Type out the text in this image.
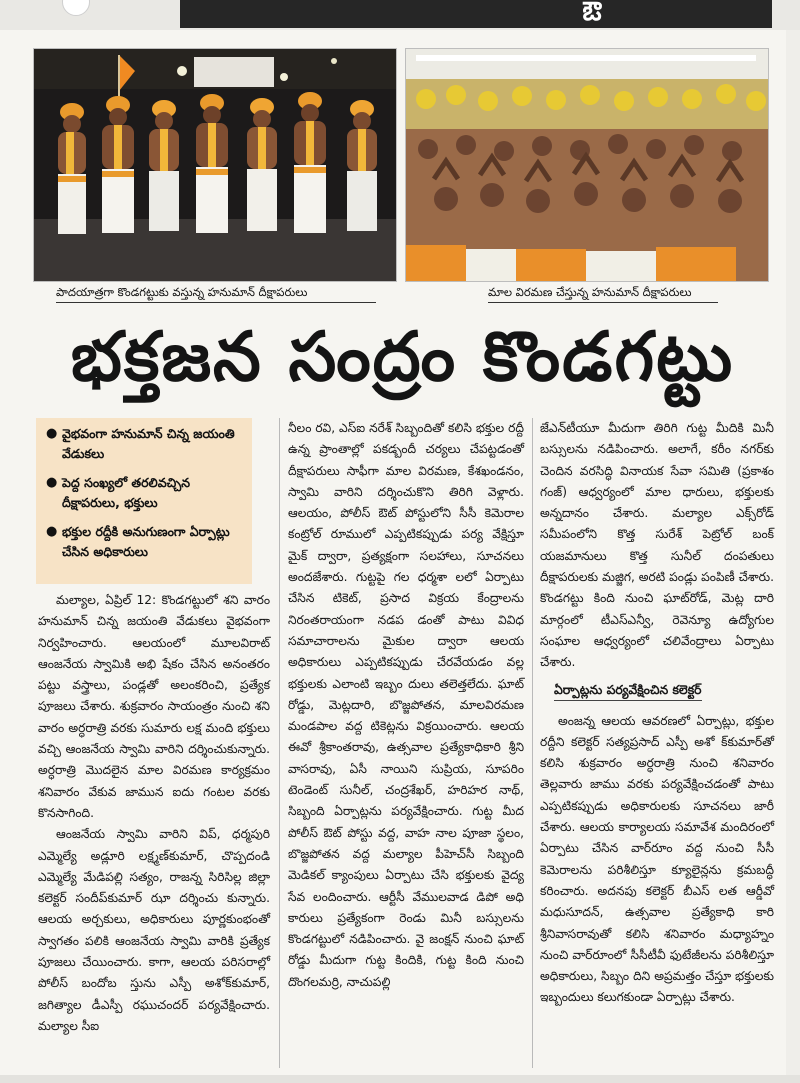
ఔ
పాదయాత్రగా కొండగట్టుకు వస్తున్న హనుమాన్ దీక్షాపరులు	మాల విరమణ చేస్తున్న హనుమాన్ దీక్షాపరులు
భక్తజన సంద్రం కొండగట్టు
● వైభవంగా హనుమాన్ చిన్న జయంతి వేడుకలు
● పెద్ద సంఖ్యలో తరలివచ్చిన దీక్షాపరులు, భక్తులు
● భక్తుల రద్దీకి అనుగుణంగా ఏర్పాట్లు చేసిన అధికారులు

మల్యాల, ఏప్రిల్ 12: కొండగట్టులో శని వారం హనుమాన్ చిన్న జయంతి వేడుకలు వైభవంగా నిర్వహించారు. ఆలయంలో మూలవిరాట్ ఆంజనేయ స్వామికి అభి షేకం చేసిన అనంతరం పట్టు వస్త్రాలు, పండ్లతో అలంకరించి, ప్రత్యేక పూజలు చేశారు. శుక్రవారం సాయంత్రం నుంచి శని వారం అర్ధరాత్రి వరకు సుమారు లక్ష మంది భక్తులు వచ్చి ఆంజనేయ స్వామి వారిని దర్శించుకున్నారు. అర్ధరాత్రి మొదలైన మాల విరమణ కార్యక్రమం శనివారం వేకువ జామున ఐదు గంటల వరకు కొనసాగింది.

ఆంజనేయ స్వామి వారిని విప్, ధర్మపురి ఎమ్మెల్యే అడ్లూరి లక్ష్మణ్‌కుమార్, చొప్పదండి ఎమ్మెల్యే మేడిపల్లి సత్యం, రాజన్న సిరిసిల్ల జిల్లా కలెక్టర్ సందీప్‌కుమార్ ఝా దర్శించు కున్నారు. ఆలయ అర్చకులు, అధికారులు పూర్ణకుంభంతో స్వాగతం పలికి ఆంజనేయ స్వామి వారికి ప్రత్యేక పూజలు చేయించారు. కాగా, ఆలయ పరిసరాల్లో పోలీస్ బందోబ స్తును ఎస్పీ అశోక్‌కుమార్, జగిత్యాల డీఎస్పీ రఘుచందర్ పర్యవేక్షించారు. మల్యాల సీఐ

నీలం రవి, ఎస్ఐ నరేశ్ సిబ్బందితో కలిసి భక్తుల రద్దీ ఉన్న ప్రాంతాల్లో పకడ్బందీ చర్యలు చేపట్టడంతో దీక్షాపరులు సాఫీగా మాల విరమణ, కేశఖండనం, స్వామి వారిని దర్శించుకొని తిరిగి వెళ్లారు. ఆలయం, పోలీస్ ఔట్ పోస్టులోని సీసీ కెమెరాల కంట్రోల్ రూములో ఎప్పటికప్పుడు పర్య వేక్షిస్తూ మైక్ ద్వారా, ప్రత్యక్షంగా సలహాలు, సూచనలు అందజేశారు. గుట్టపై గల ధర్మశా లలో ఏర్పాటు చేసిన టికెట్, ప్రసాద విక్రయ కేంద్రాలను నిరంతరాయంగా నడప డంతో పాటు వివిధ సమాచారాలను మైకుల ద్వారా ఆలయ అధికారులు ఎప్పటికప్పుడు చేరవేయడం వల్ల భక్తులకు ఎలాంటి ఇబ్బం దులు తలెత్తలేదు. ఘాట్ రోడ్డు, మెట్లదారి, బొజ్జపోతన, మాలవిరమణ మండపాల వద్ద టికెట్లను విక్రయించారు. ఆలయ ఈవో శ్రీకాంతరావు, ఉత్సవాల ప్రత్యేకాధికారి శ్రీని వాసరావు, ఏసీ నాయిని సుప్రియ, సూపరిం టెండెంట్ సునీల్, చంద్రశేఖర్, హరిహర నాథ్, సిబ్బంది ఏర్పాట్లను పర్యవేక్షించారు. గుట్ట మీద పోలీస్ ఔట్ పోస్టు వద్ద, వాహ నాల పూజా స్థలం, బొజ్జపోతన వద్ద మల్యాల పీహెచ్‌సీ సిబ్బంది మెడికల్ క్యాంపులు ఏర్పాటు చేసి భక్తులకు వైద్య సేవ లందించారు. ఆర్టీసీ వేములవాడ డిపో అధి కారులు ప్రత్యేకంగా రెండు మినీ బస్సులను కొండగట్టులో నడిపించారు. వై జంక్షన్ నుంచి ఘాట్ రోడ్డు మీదుగా గుట్ట కిందికి, గుట్ట కింది నుంచి దొంగలమర్రి, నాచుపల్లి

జేఎన్‌టీయూ మీదుగా తిరిగి గుట్ట మీదికి మినీ బస్సులను నడిపించారు. అలాగే, కరీం నగర్‌కు చెందిన వరసిద్ధి వినాయక సేవా సమితి (ప్రకాశం గంజ్) ఆధ్వర్యంలో మాల ధారులు, భక్తులకు అన్నదానం చేశారు. మల్యాల ఎక్స్‌రోడ్ సమీపంలోని కొత్త సురేశ్ పెట్రోల్ బంక్ యజమానులు కొత్త సునీల్ దంపతులు దీక్షాపరులకు మజ్జిగ, అరటి పండ్లు పంపిణీ చేశారు. కొండగట్టు కింది నుంచి ఘాట్‌రోడ్, మెట్ల దారి మార్గంలో టీఎస్ఎన్వీ, రెవెన్యూ ఉద్యోగుల సంఘాల ఆధ్వర్యంలో చలివేంద్రాలు ఏర్పాటు చేశారు.

ఏర్పాట్లను పర్యవేక్షించిన కలెక్టర్

అంజన్న ఆలయ ఆవరణలో ఏర్పాట్లు, భక్తుల రద్దీని కలెక్టర్ సత్యప్రసాద్ ఎస్పీ అశో క్‌కుమార్‌తో కలిసి శుక్రవారం అర్ధరాత్రి నుంచి శనివారం తెల్లవారు జాము వరకు పర్యవేక్షించడంతో పాటు ఎప్పటికప్పుడు అధికారులకు సూచనలు జారీ చేశారు. ఆలయ కార్యాలయ సమావేశ మందిరంలో ఏర్పాటు చేసిన వార్‌రూం వద్ద నుంచి సీసీ కెమెరాలను పరిశీలిస్తూ క్యూలైన్లను క్రమబద్ధీ కరించారు. అదనపు కలెక్టర్ బీఎస్ లత ఆర్డీవో మధుసూదన్, ఉత్సవాల ప్రత్యేకాధి కారి శ్రీనివాసరావుతో కలిసి శనివారం మధ్యాహ్నం నుంచి వార్‌రూంలో సీసీటీవీ ఫుటేజీలను పరిశీలిస్తూ అధికారులు, సిబ్బం దిని అప్రమత్తం చేస్తూ భక్తులకు ఇబ్బందులు కలుగకుండా ఏర్పాట్లు చేశారు.
